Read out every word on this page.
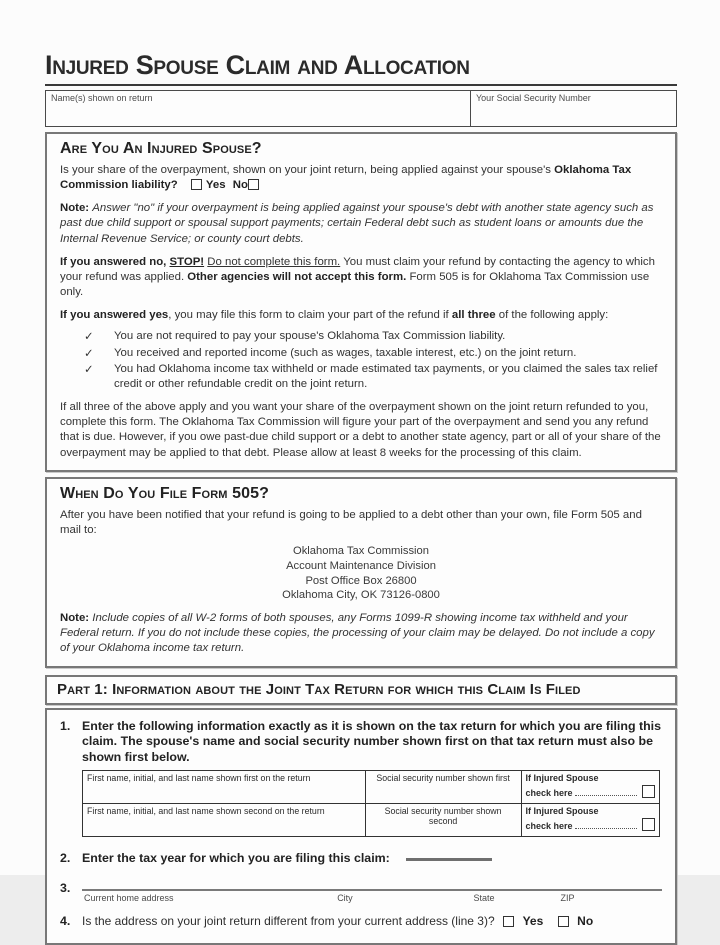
Injured Spouse Claim and Allocation
Name(s) shown on return	Your Social Security Number
Are You An Injured Spouse?

Is your share of the overpayment, shown on your joint return, being applied against your spouse's Oklahoma Tax Commission liability? Yes No

Note: Answer "no" if your overpayment is being applied against your spouse's debt with another state agency such as past due child support or spousal support payments; certain Federal debt such as student loans or amounts due the Internal Revenue Service; or county court debts.

If you answered no, STOP! Do not complete this form. You must claim your refund by contacting the agency to which your refund was applied. Other agencies will not accept this form. Form 505 is for Oklahoma Tax Commission use only.

If you answered yes, you may file this form to claim your part of the refund if all three of the following apply:

✓	You are not required to pay your spouse's Oklahoma Tax Commission liability.
✓	You received and reported income (such as wages, taxable interest, etc.) on the joint return.
✓	You had Oklahoma income tax withheld or made estimated tax payments, or you claimed the sales tax relief credit or other refundable credit on the joint return.

If all three of the above apply and you want your share of the overpayment shown on the joint return refunded to you, complete this form. The Oklahoma Tax Commission will figure your part of the overpayment and send you any refund that is due. However, if you owe past-due child support or a debt to another state agency, part or all of your share of the overpayment may be applied to that debt. Please allow at least 8 weeks for the processing of this claim.

When Do You File Form 505?

After you have been notified that your refund is going to be applied to a debt other than your own, file Form 505 and mail to:

Oklahoma Tax Commission
Account Maintenance Division
Post Office Box 26800
Oklahoma City, OK 73126-0800

Note: Include copies of all W-2 forms of both spouses, any Forms 1099-R showing income tax withheld and your Federal return. If you do not include these copies, the processing of your claim may be delayed. Do not include a copy of your Oklahoma income tax return.

Part 1: Information about the Joint Tax Return for which this Claim Is Filed
1. Enter the following information exactly as it is shown on the tax return for which you are filing this claim. The spouse's name and social security number shown first on that tax return must also be shown first below.
First name, initial, and last name shown first on the return	Social security number shown first	If Injured Spouse
check here

First name, initial, and last name shown second on the return	Social security number shown second	If Injured Spouse
check here
2. Enter the tax year for which you are filing this claim:
3.
Current home address	City	State	ZIP
4. Is the address on your joint return different from your current address (line 3)? Yes	No
